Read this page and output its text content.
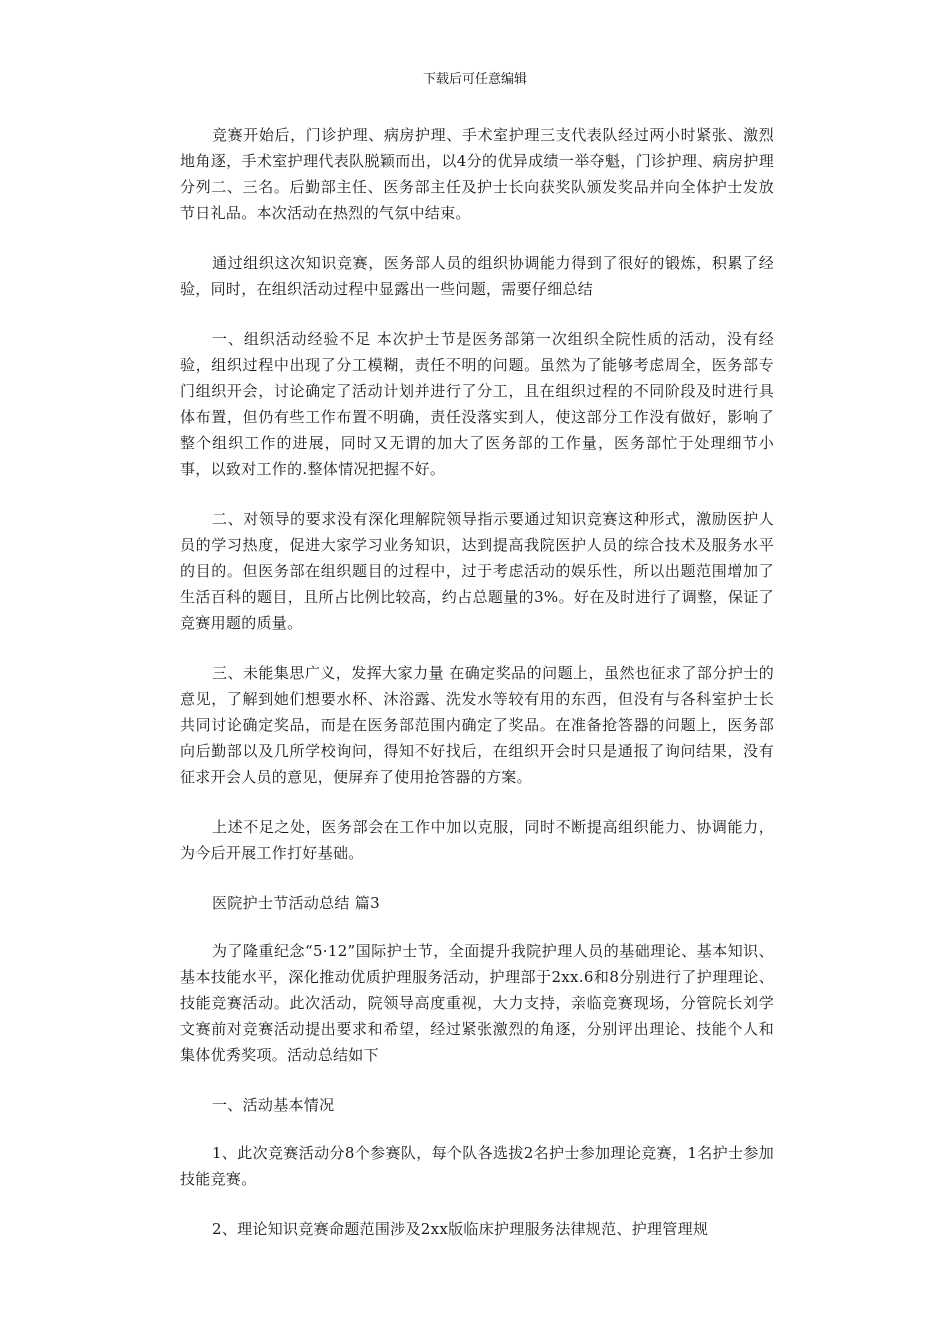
下载后可任意编辑

竞赛开始后，门诊护理、病房护理、手术室护理三支代表队经过两小时紧张、激烈地角逐，手术室护理代表队脱颖而出，以4分的优异成绩一举夺魁，门诊护理、病房护理分列二、三名。后勤部主任、医务部主任及护士长向获奖队颁发奖品并向全体护士发放节日礼品。本次活动在热烈的气氛中结束。

通过组织这次知识竞赛，医务部人员的组织协调能力得到了很好的锻炼，积累了经验，同时，在组织活动过程中显露出一些问题，需要仔细总结

一、组织活动经验不足 本次护士节是医务部第一次组织全院性质的活动，没有经验，组织过程中出现了分工模糊，责任不明的问题。虽然为了能够考虑周全，医务部专门组织开会，讨论确定了活动计划并进行了分工，且在组织过程的不同阶段及时进行具体布置，但仍有些工作布置不明确，责任没落实到人，使这部分工作没有做好，影响了整个组织工作的进展，同时又无谓的加大了医务部的工作量，医务部忙于处理细节小事，以致对工作的.整体情况把握不好。

二、对领导的要求没有深化理解院领导指示要通过知识竞赛这种形式，激励医护人员的学习热度，促进大家学习业务知识，达到提高我院医护人员的综合技术及服务水平的目的。但医务部在组织题目的过程中，过于考虑活动的娱乐性，所以出题范围增加了生活百科的题目，且所占比例比较高，约占总题量的3%。好在及时进行了调整，保证了竞赛用题的质量。

三、未能集思广义，发挥大家力量 在确定奖品的问题上，虽然也征求了部分护士的意见，了解到她们想要水杯、沐浴露、洗发水等较有用的东西，但没有与各科室护士长共同讨论确定奖品，而是在医务部范围内确定了奖品。在准备抢答器的问题上，医务部向后勤部以及几所学校询问，得知不好找后，在组织开会时只是通报了询问结果，没有征求开会人员的意见，便屏弃了使用抢答器的方案。

上述不足之处，医务部会在工作中加以克服，同时不断提高组织能力、协调能力，为今后开展工作打好基础。

医院护士节活动总结 篇3

为了隆重纪念“5·12”国际护士节，全面提升我院护理人员的基础理论、基本知识、基本技能水平，深化推动优质护理服务活动，护理部于2xx.6和8分别进行了护理理论、技能竞赛活动。此次活动，院领导高度重视，大力支持，亲临竞赛现场，分管院长刘学文赛前对竞赛活动提出要求和希望，经过紧张激烈的角逐，分别评出理论、技能个人和集体优秀奖项。活动总结如下

一、活动基本情况

1、此次竞赛活动分8个参赛队，每个队各选拔2名护士参加理论竞赛，1名护士参加技能竞赛。

2、理论知识竞赛命题范围涉及2xx版临床护理服务法律规范、护理管理规
